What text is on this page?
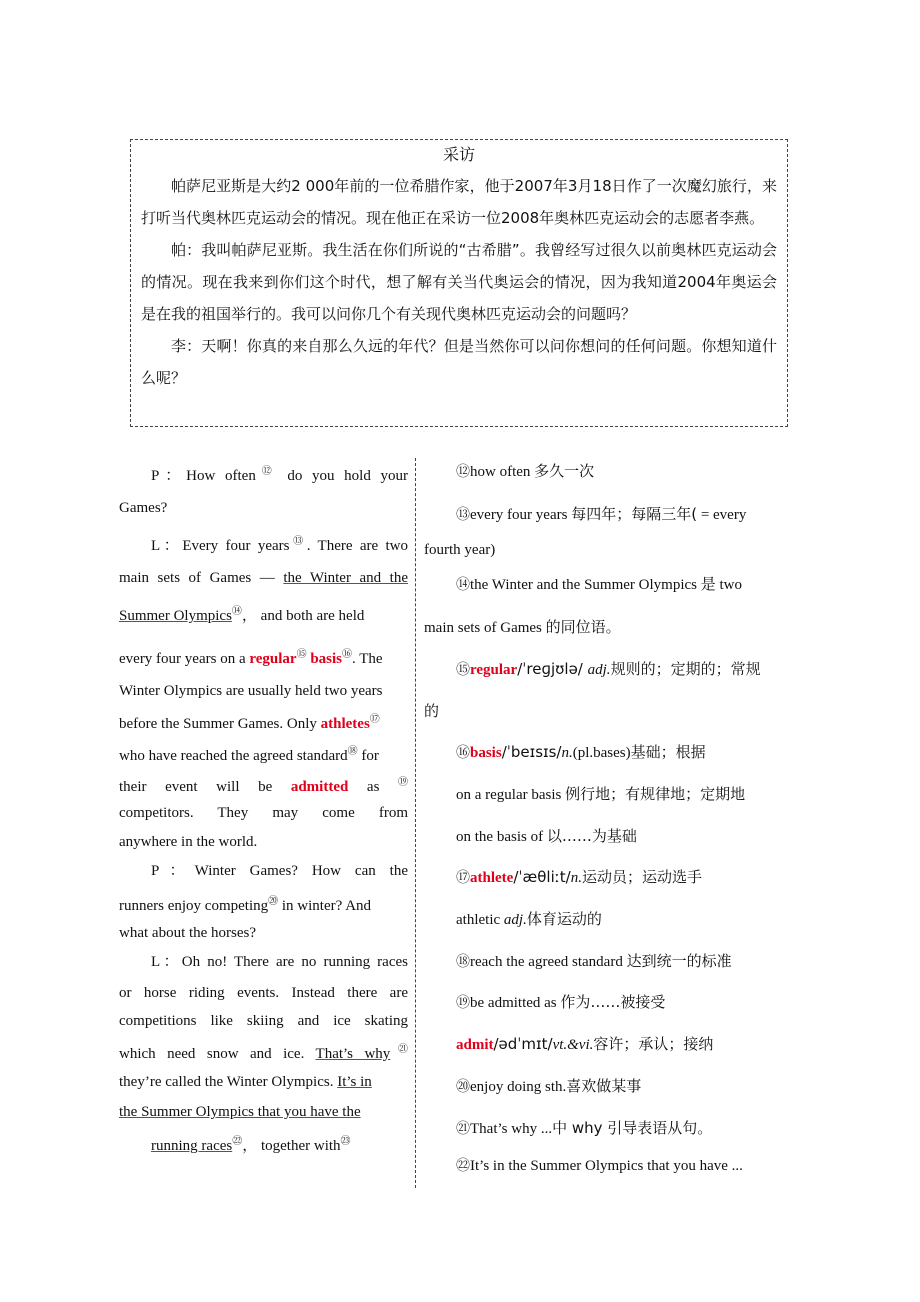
采访

帕萨尼亚斯是大约2 000年前的一位希腊作家，他于2007年3月18日作了一次魔幻旅行，来打听当代奥林匹克运动会的情况。现在他正在采访一位2008年奥林匹克运动会的志愿者李燕。

帕：我叫帕萨尼亚斯。我生活在你们所说的“古希腊”。我曾经写过很久以前奥林匹克运动会的情况。现在我来到你们这个时代，想了解有关当代奥运会的情况，因为我知道2004年奥运会是在我的祖国举行的。我可以问你几个有关现代奥林匹克运动会的问题吗？

李：天啊！你真的来自那么久远的年代？但是当然你可以问你想问的任何问题。你想知道什么呢？

P：How often⑫ do you hold your
Games?
L：Every four years⑬. There are two
main sets of Games — the Winter and the
Summer Olympics⑭， and both are held
every four years on a regular⑮ basis⑯. The
Winter Olympics are usually held two years
before the Summer Games. Only athletes⑰
who have reached the agreed standard⑱ for
their event will be admitted as ⑲
competitors. They may come from
anywhere in the world.
P：Winter Games? How can the
runners enjoy competing⑳ in winter? And
what about the horses?
L：Oh no! There are no running races
or horse riding events. Instead there are
competitions like skiing and ice skating
which need snow and ice. That’s why$^㉑$
they’re called the Winter Olympics. It’s in
the Summer Olympics that you have the
running races$^㉒$， together with$^㉓$
⑫how often 多久一次
⑬every four years 每四年；每隔三年( = every
fourth year)
⑭the Winter and the Summer Olympics 是 two
main sets of Games 的同位语。
⑮regular/ˈreɡjʊlə/ adj.规则的；定期的；常规
的
⑯basis/ˈbeɪsɪs/n.(pl.bases)基础；根据
on a regular basis 例行地；有规律地；定期地
on the basis of 以……为基础
⑰athlete/ˈæθliːt/n.运动员；运动选手
athletic adj.体育运动的
⑱reach the agreed standard 达到统一的标准
⑲be admitted as 作为……被接受
admit/ədˈmɪt/vt.&vi.容许；承认；接纳
⑳enjoy doing sth.喜欢做某事
㉑That’s why ...中 why 引导表语从句。
㉒It’s in the Summer Olympics that you have ...
